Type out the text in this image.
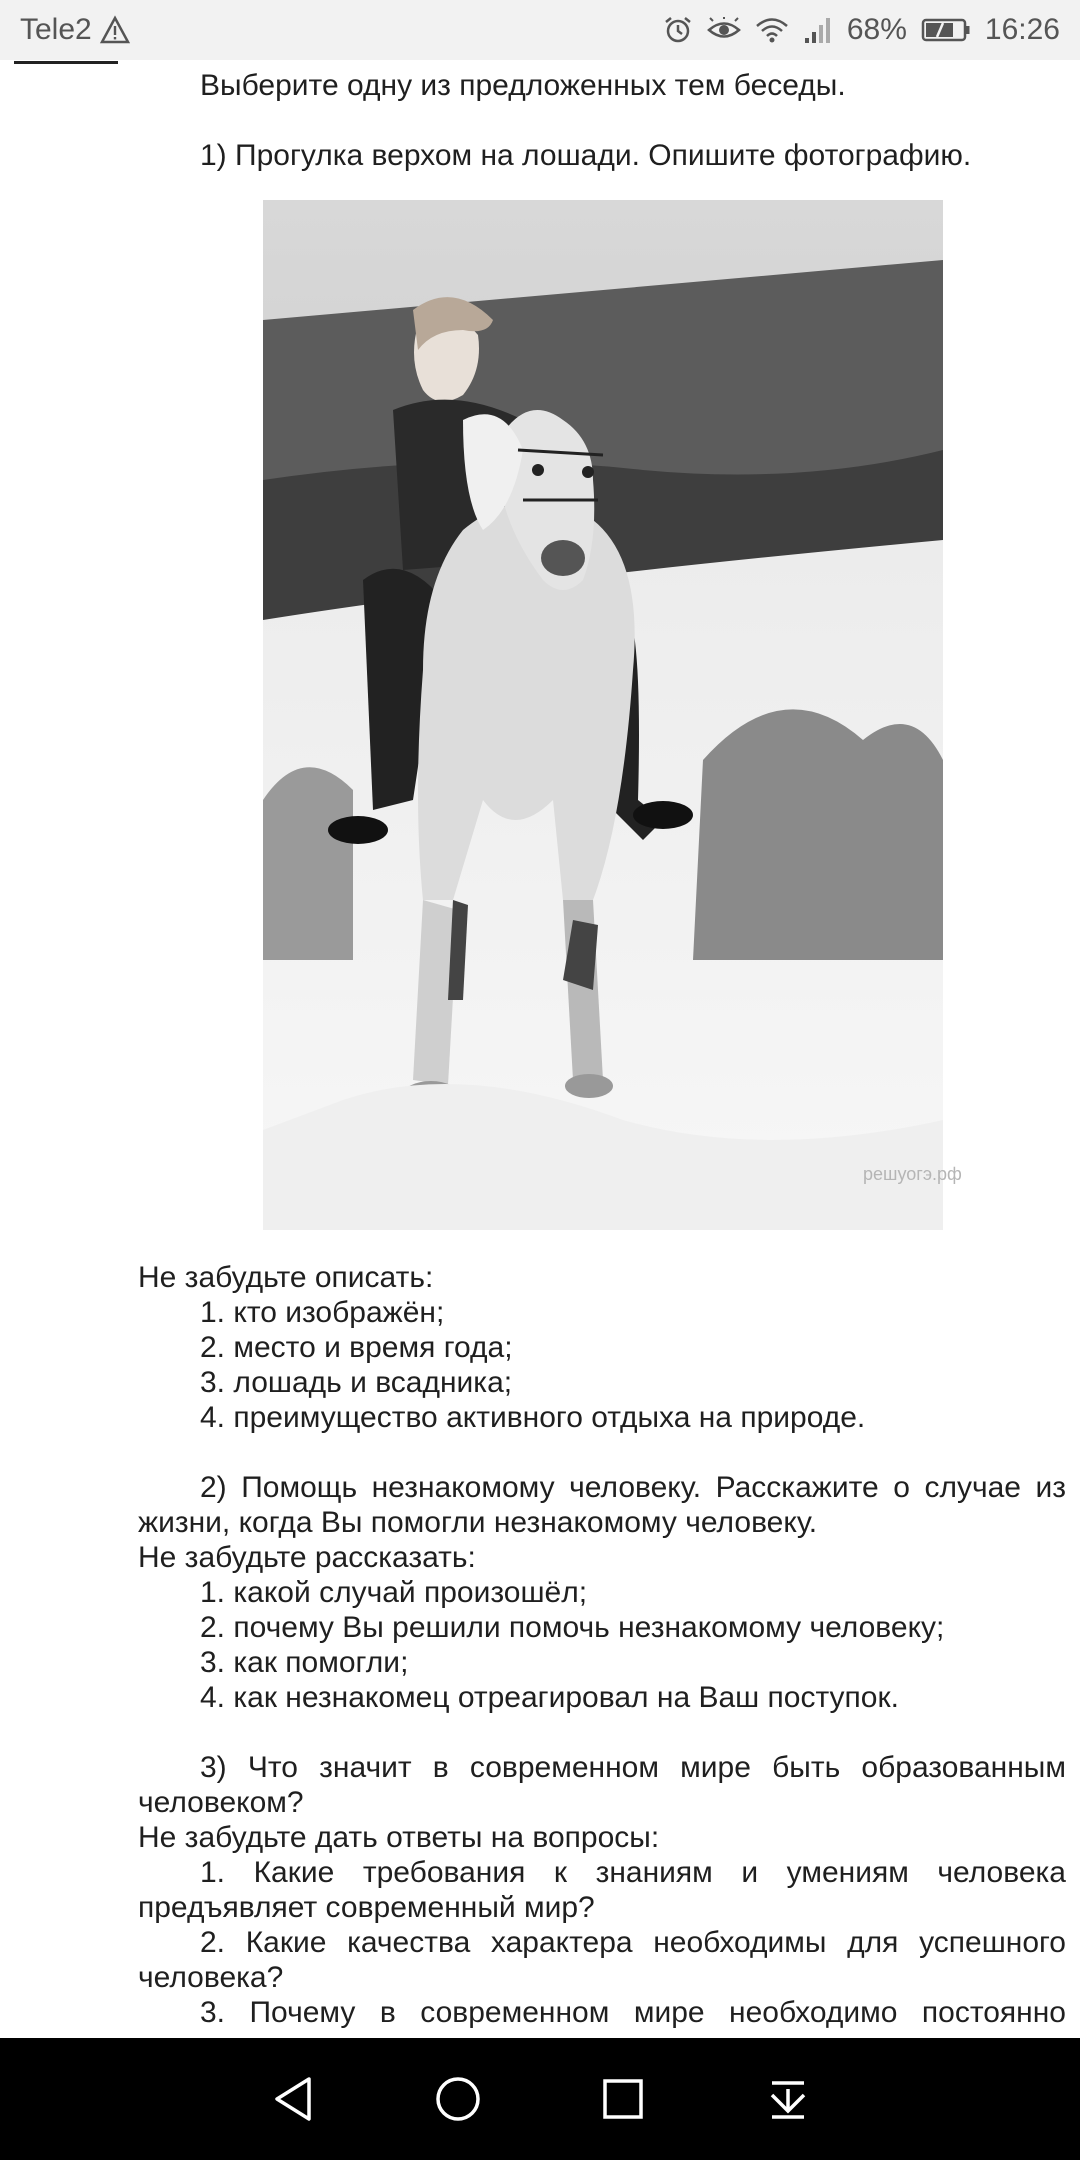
Tele2	68%	16:26
Выберите одну из предложенных тем беседы.
1) Прогулка верхом на лошади. Опишите фотографию.
решуогэ.рф
Не забудьте описать:
1. кто изображён;
2. место и время года;
3. лошадь и всадника;
4. преимущество активного отдыха на природе.
2) Помощь незнакомому человеку. Расскажите о случае из
жизни, когда Вы помогли незнакомому человеку.
Не забудьте рассказать:
1. какой случай произошёл;
2. почему Вы решили помочь незнакомому человеку;
3. как помогли;
4. как незнакомец отреагировал на Ваш поступок.
3) Что значит в современном мире быть образованным
человеком?
Не забудьте дать ответы на вопросы:
1. Какие требования к знаниям и умениям человека
предъявляет современный мир?
2. Какие качества характера необходимы для успешного
человека?
3. Почему в современном мире необходимо постоянно
